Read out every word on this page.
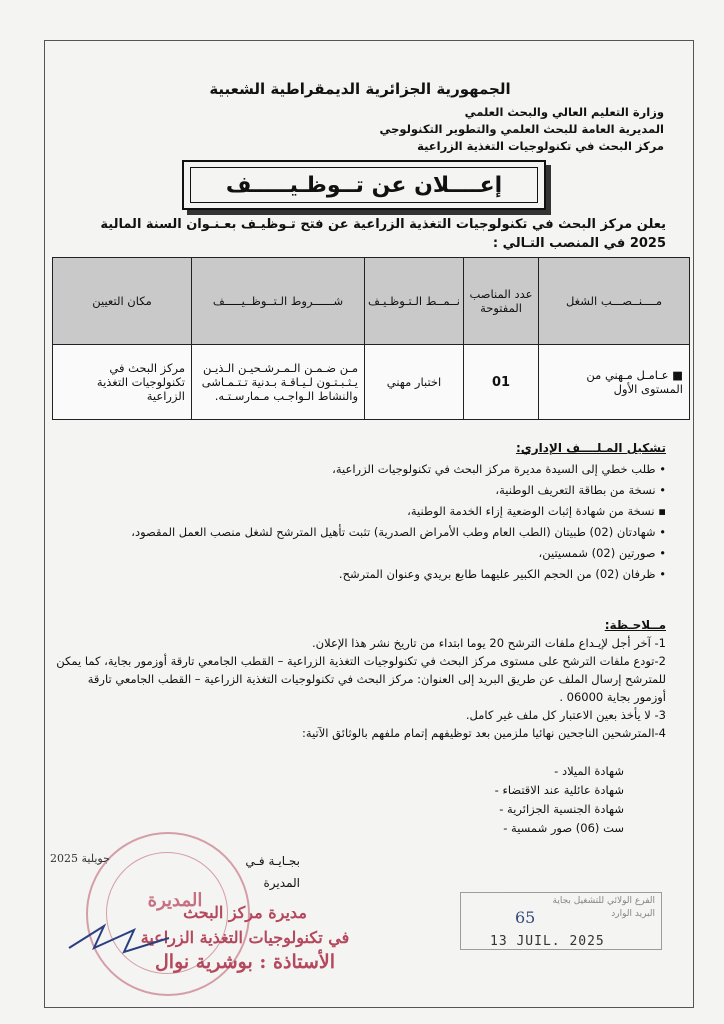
الجمهورية الجزائرية الديمقراطية الشعبية
وزارة التعليم العالي والبحث العلمي
المديرية العامة للبحث العلمي والتطوير التكنولوجي
مركز البحث في تكنولوجيات التغذية الزراعية
إعــــلان عن تــوظـيـــــف
يعلن مركز البحث في تكنولوجيات التغذية الزراعية عن فتح تـوظيـف بعـنـوان السنة المالية 2025 في المنصب التـالي :
مــــنــصـــب الشغل	عدد المناصب المفتوحة	نــمــط الـتـوظـيـف	شــــــروط الـتــوظــيـــــف	مكان التعيين
■ عـامـل مـهني من المستوى الأول	01	اختبار مهني	مـن ضـمـن الـمـرشـحيـن الـذيـن يـثـبـتـون لـيـاقـة بـدنية تـتـمـاشى والنشاط الـواجـب مـمارسـتـه.	مركز البحث في تكنولوجيات التغذية الزراعية
تشكيل المـلــــف الإداري:
• طلب خطي إلى السيدة مديرة مركز البحث في تكنولوجيات الزراعية،
• نسخة من بطاقة التعريف الوطنية،
▪ نسخة من شهادة إثبات الوضعية إزاء الخدمة الوطنية،
• شهادتان (02) طبيتان (الطب العام وطب الأمراض الصدرية) تثبت تأهيل المترشح لشغل منصب العمل المقصود،
• صورتين (02) شمسيتين،
• ظرفان (02) من الحجم الكبير عليهما طابع بريدي وعنوان المترشح.
مــلاحـظة:
1- آخر أجل لإيـداع ملفات الترشح 20 يوما ابتداء من تاريخ نشر هذا الإعلان.
2-تودع ملفات الترشح على مستوى مركز البحث في تكنولوجيات التغذية الزراعية – القطب الجامعي تارقة أوزمور بجاية، كما يمكن للمترشح إرسال الملف عن طريق البريد إلى العنوان: مركز البحث في تكنولوجيات التغذية الزراعية – القطب الجامعي تارقة أوزمور بجاية 06000 .
3- لا يأخذ بعين الاعتبار كل ملف غير كامل.
4-المترشحين الناجحين نهائيا ملزمين بعد توظيفهم إتمام ملفهم بالوثائق الآتية:
شهادة الميلاد -
شهادة عائلية عند الاقتضاء -
شهادة الجنسية الجزائرية -
ست (06) صور شمسية -
المديرة
بجـايـة فـي
المديرة
2025 جويلية
مديرة مركز البحث
في تكنولوجيات التغذية الزراعية
الأستاذة : بوشرية نوال
الفرع الولائي للتشغيل بجاية
البريد الوارد
65
13 JUIL. 2025
